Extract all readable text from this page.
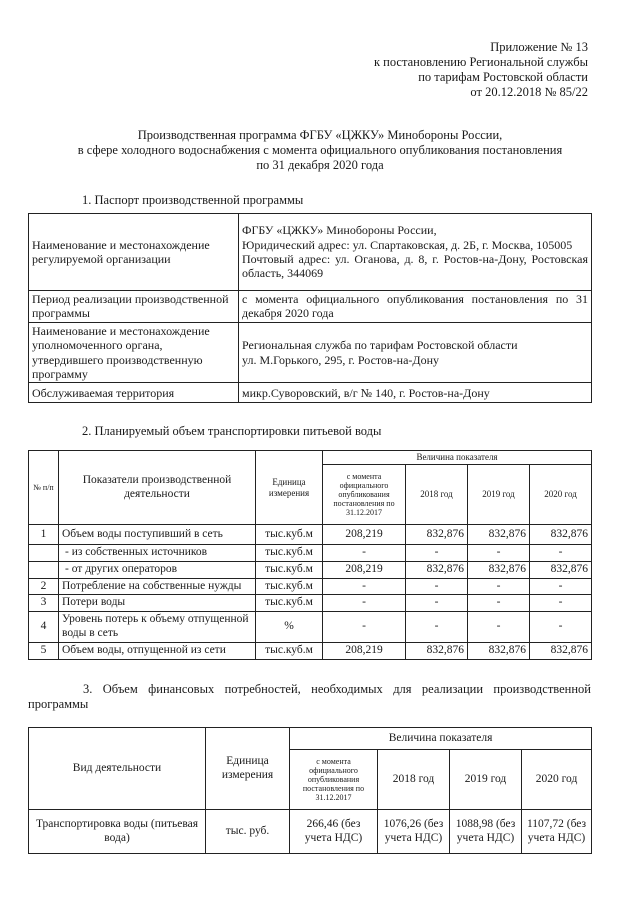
Приложение № 13
к постановлению Региональной службы
по тарифам Ростовской области
от 20.12.2018 № 85/22
Производственная программа ФГБУ «ЦЖКУ» Минобороны России,
в сфере холодного водоснабжения с момента официального опубликования постановления
по 31 декабря 2020 года
1. Паспорт производственной программы
Наименование и местонахождение регулируемой организации	ФГБУ «ЦЖКУ» Минобороны России,
Юридический адрес: ул. Спартаковская, д. 2Б, г. Москва, 105005
Почтовый адрес: ул. Оганова, д. 8, г. Ростов-на-Дону, Ростовская область, 344069

Период реализации производственной программы	с момента официального опубликования постановления по 31 декабря 2020 года
Наименование и местонахождение уполномоченного органа, утвердившего производственную программу	Региональная служба по тарифам Ростовской области
ул. М.Горького, 295, г. Ростов-на-Дону

Обслуживаемая территория	микр.Суворовский, в/г № 140, г. Ростов-на-Дону
2. Планируемый объем транспортировки питьевой воды
№ п/п	Показатели производственной деятельности	Единица измерения	Величина показателя			
			с момента официального опубликования постановления по 31.12.2017	2018 год	2019 год	2020 год
1	Объем воды поступивший в сеть	тыс.куб.м	208,219	832,876	832,876	832,876
	- из собственных источников	тыс.куб.м	-	-	-	-
	- от других операторов	тыс.куб.м	208,219	832,876	832,876	832,876
2	Потребление на собственные нужды	тыс.куб.м	-	-	-	-
3	Потери воды	тыс.куб.м	-	-	-	-
4	Уровень потерь к объему отпущенной воды в сеть	%	-	-	-	-
5	Объем воды, отпущенной из сети	тыс.куб.м	208,219	832,876	832,876	832,876
3. Объем финансовых потребностей, необходимых для реализации производственной программы
Вид деятельности	Единица измерения	Величина показателя			
		с момента официального опубликования постановления по 31.12.2017	2018 год	2019 год	2020 год
Транспортировка воды (питьевая вода)	тыс. руб.	266,46 (без учета НДС)	1076,26 (без учета НДС)	1088,98 (без учета НДС)	1107,72 (без учета НДС)
